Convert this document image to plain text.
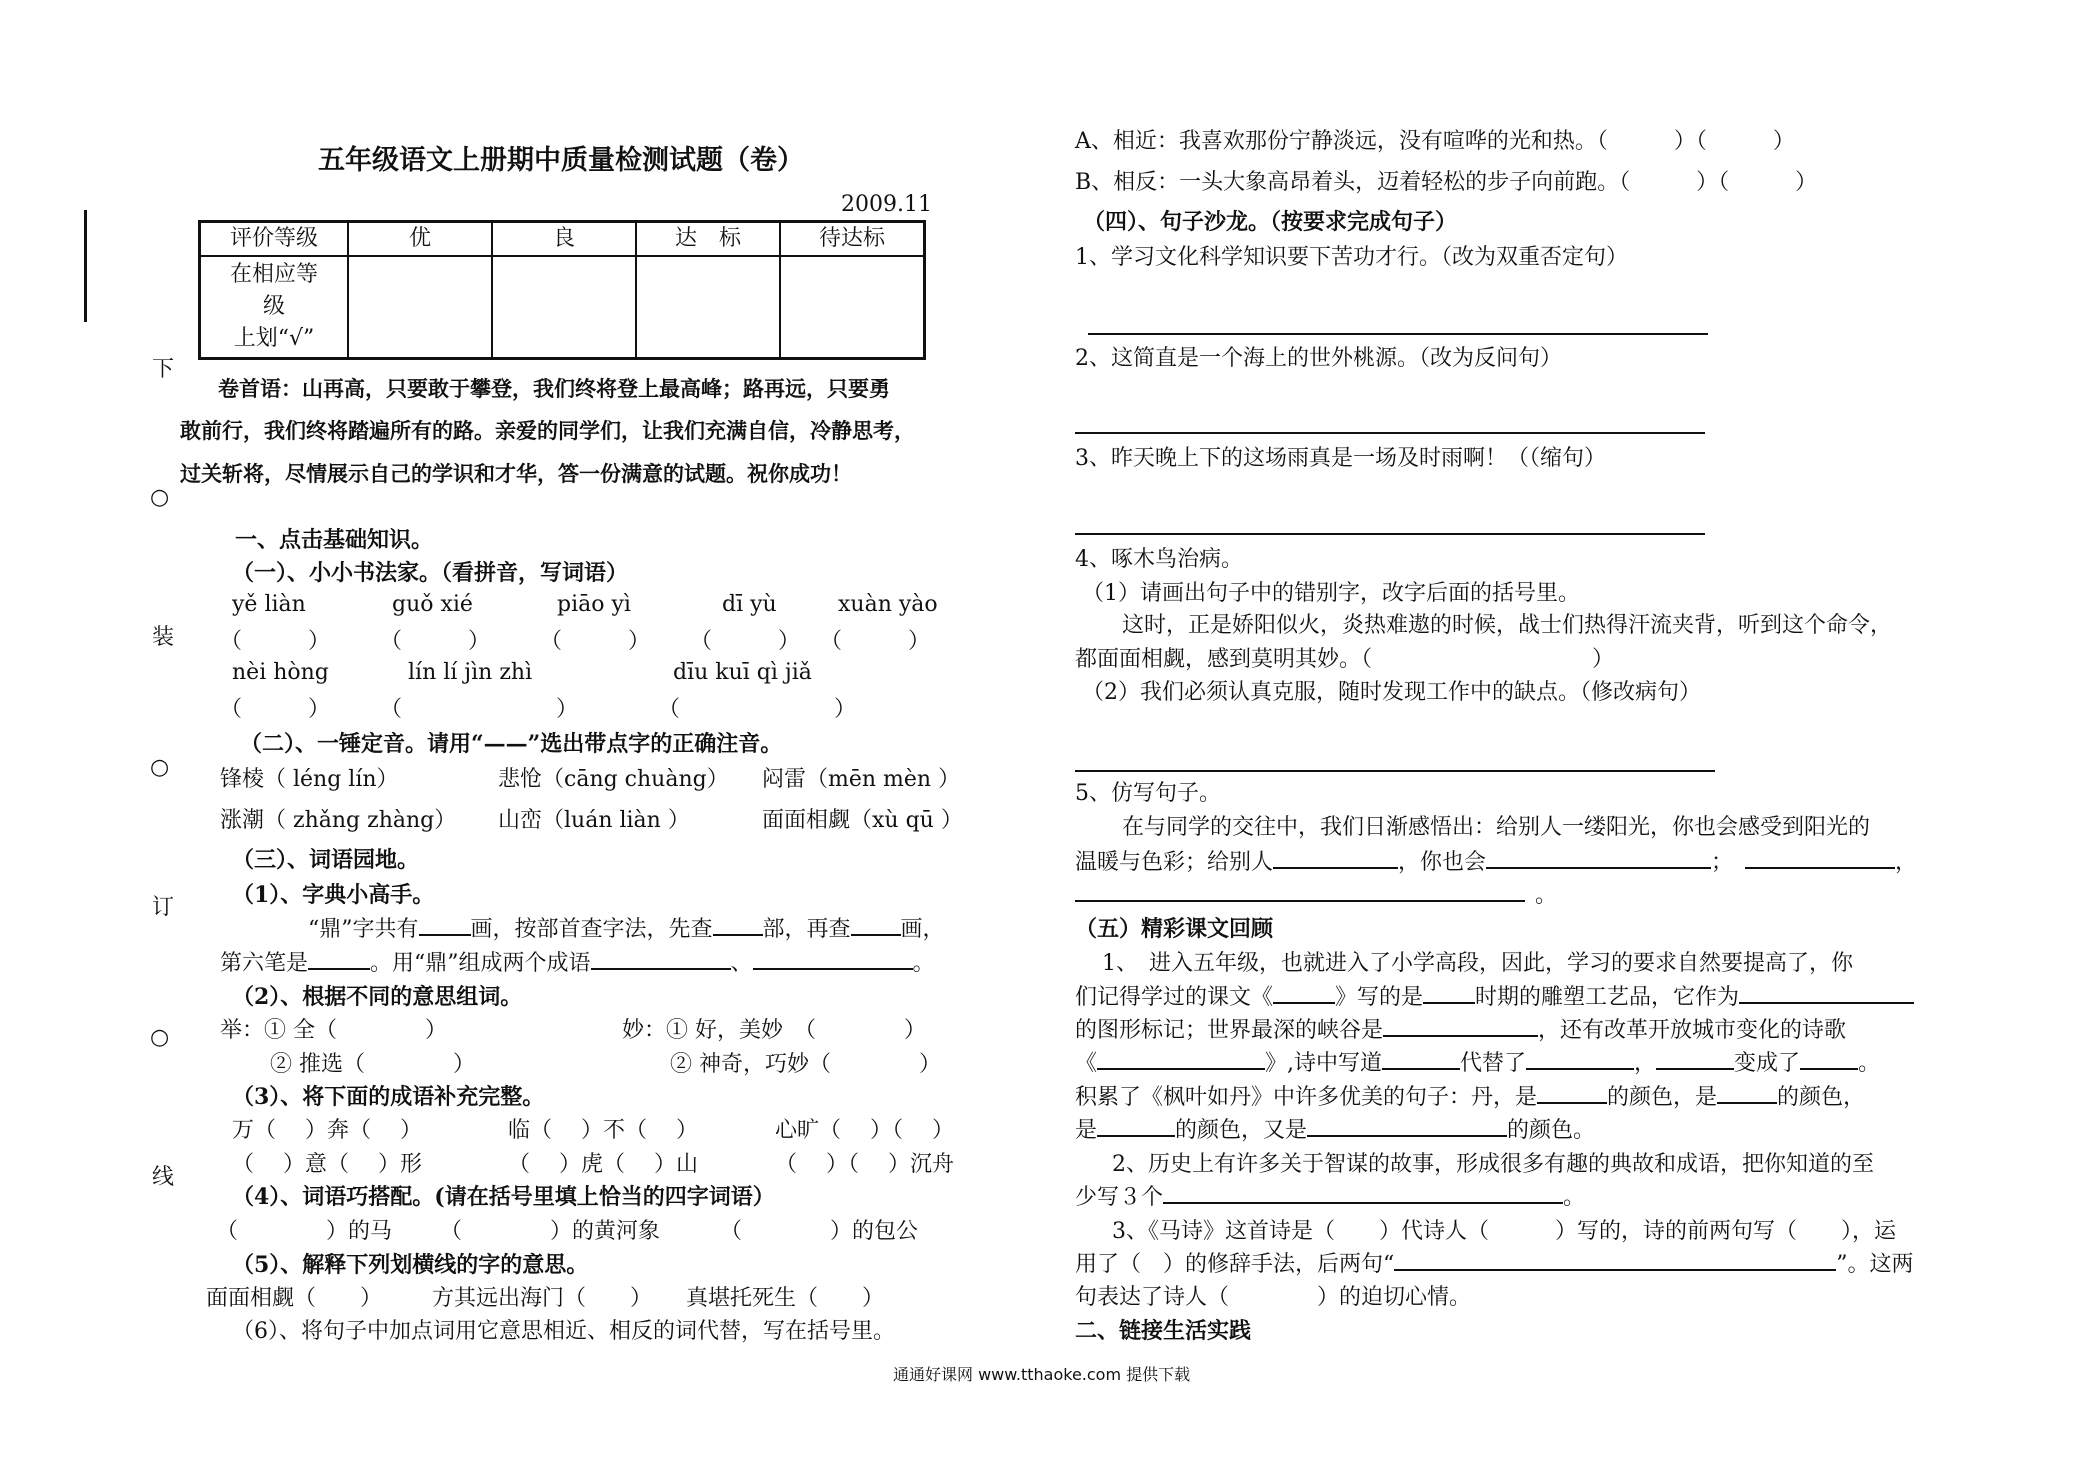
五年级语文上册期中质量检测试题（卷）
2009.11
下
○
装
○
订
○
线
评价等级	优	良	达　标	待达标

在相应等
级
上划“√”				

卷首语：山再高，只要敢于攀登，我们终将登上最高峰；路再远，只要勇
敢前行，我们终将踏遍所有的路。亲爱的同学们，让我们充满自信，冷静思考，
过关斩将，尽情展示自己的学识和才华，答一份满意的试题。祝你成功！
一、点击基础知识。
（一）、小小书法家。（看拼音，写词语）
yě liàn	guǒ xié	piāo yì	dī yù	xuàn yào
（　　　） （　　　） （　　　） （　　　） （　　　）
nèi hòng	lín lí jìn zhì	dīu kuī qì jiǎ
（　　　） （　　　　　　　）	（　　　　　　　）
（二）、一锤定音。请用“——”选出带点字的正确注音。
锋棱（ léng lín）	悲怆（cāng chuàng） 闷雷（mēn mèn ）
涨潮（ zhǎng zhàng） 山峦（luán liàn ）	面面相觑（xù qū ）
（三）、词语园地。
（1）、字典小高手。
“鼎”字共有 画，按部首查字法，先查 部，再查 画，
第六笔是	。用“鼎”组成两个成语	、	。
（2）、根据不同的意思组词。
举：① 全（　　　　）	妙：① 好，美妙　（　　　　）
② 推选（　　　　）	② 神奇，巧妙（　　　　）
（3）、将下面的成语补充完整。
万（　 ）奔（　 ）	临（　 ）不（　 ）	心旷（　 ）（　 ）
（　 ）意（　 ）形	（　 ）虎（　 ）山	（　 ）（　 ）沉舟
（4）、词语巧搭配。(请在括号里填上恰当的四字词语）
（　　　　）的马 （　　　　）的黄河象	（　　　　）的包公
（5）、解释下列划横线的字的意思。
面面相觑（　　） 方其远出海门（　　） 真堪托死生（　　）
（6）、将句子中加点词用它意思相近、相反的词代替，写在括号里。
A、相近：我喜欢那份宁静淡远，没有喧哗的光和热。（　　　）（　　　）
B、相反：一头大象高昂着头，迈着轻松的步子向前跑。（　　　）（　　　）
（四）、句子沙龙。（按要求完成句子）
1、学习文化科学知识要下苦功才行。（改为双重否定句）
2、这简直是一个海上的世外桃源。（改为反问句）
3、昨天晚上下的这场雨真是一场及时雨啊！（（缩句）
4、啄木鸟治病。
（1）请画出句子中的错别字，改字后面的括号里。
这时，正是娇阳似火，炎热难遨的时候，战士们热得汗流夹背，听到这个命令，
都面面相觑，感到莫明其妙。（　　　　　　　　　　）
（2）我们必须认真克服，随时发现工作中的缺点。（修改病句）
5、仿写句子。
在与同学的交往中，我们日渐感悟出：给别人一缕阳光，你也会感受到阳光的
温暖与色彩；给别人	，你也会	；	，
。
（五）精彩课文回顾
1、　进入五年级，也就进入了小学高段，因此，学习的要求自然要提高了，你
们记得学过的课文《	》写的是 时期的雕塑工艺品，它作为
的图形标记；世界最深的峡谷是	，还有改革开放城市变化的诗歌
《	》,诗中写道	代替了	，	变成了	。
积累了《枫叶如丹》中许多优美的句子：丹，是	的颜色，是	的颜色，
是	的颜色，又是	的颜色。
2、历史上有许多关于智谋的故事，形成很多有趣的典故和成语，把你知道的至
少写３个	。
3、《马诗》这首诗是（　　）代诗人（　　　）写的，诗的前两句写（　　），运
用了（　）的修辞手法，后两句“	”。这两
句表达了诗人（　　　　）的迫切心情。
二、链接生活实践
通通好课网 www.tthaoke.com 提供下载
